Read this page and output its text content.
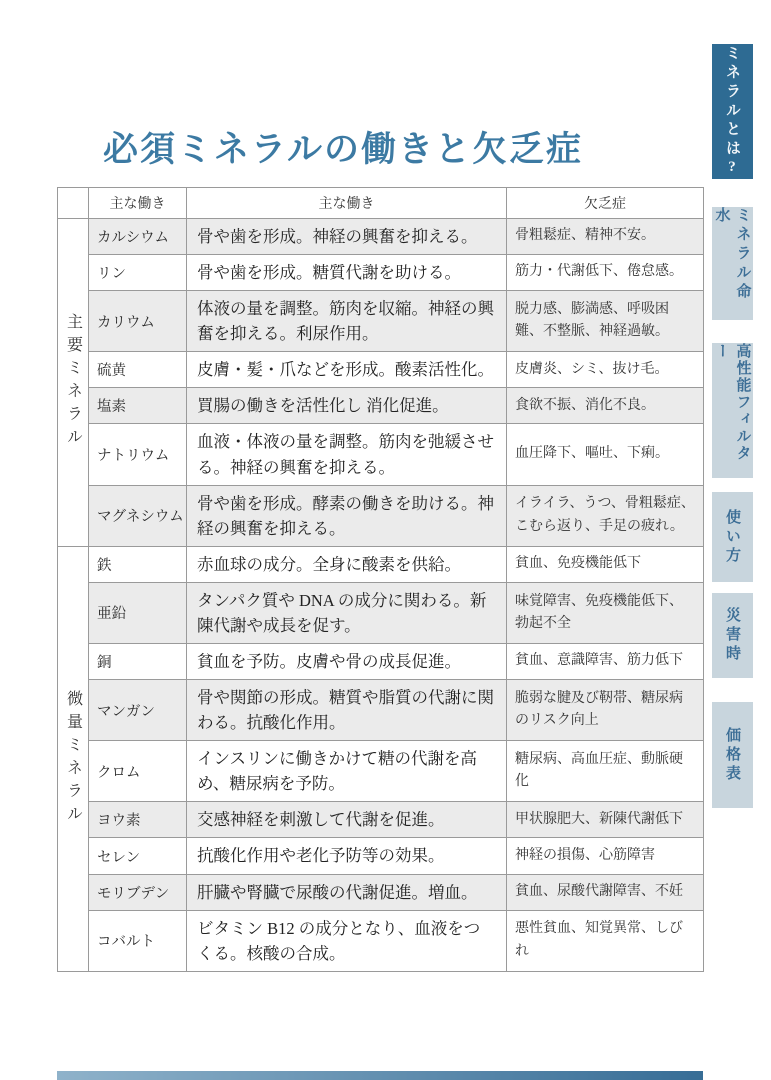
必須ミネラルの働きと欠乏症
	主な働き	主な働き	欠乏症
主要ミネラル	カルシウム	骨や歯を形成。神経の興奮を抑える。	骨粗鬆症、精神不安。
	リン	骨や歯を形成。糖質代謝を助ける。	筋力・代謝低下、倦怠感。
	カリウム	体液の量を調整。筋肉を収縮。神経の興奮を抑える。利尿作用。	脱力感、膨満感、呼吸困難、不整脈、神経過敏。
	硫黄	皮膚・髪・爪などを形成。酸素活性化。	皮膚炎、シミ、抜け毛。
	塩素	買腸の働きを活性化し 消化促進。	食欲不振、消化不良。
	ナトリウム	血液・体液の量を調整。筋肉を弛緩させる。神経の興奮を抑える。	血圧降下、嘔吐、下痢。
	マグネシウム	骨や歯を形成。酵素の働きを助ける。神経の興奮を抑える。	イライラ、うつ、骨粗鬆症、こむら返り、手足の疲れ。
微量ミネラル	鉄	赤血球の成分。全身に酸素を供給。	貧血、免疫機能低下
	亜鉛	タンパク質や DNA の成分に関わる。新陳代謝や成長を促す。	味覚障害、免疫機能低下、勃起不全
	銅	貧血を予防。皮膚や骨の成長促進。	貧血、意識障害、筋力低下
	マンガン	骨や関節の形成。糖質や脂質の代謝に関わる。抗酸化作用。	脆弱な腱及び靭帯、糖尿病のリスク向上
	クロム	インスリンに働きかけて糖の代謝を高め、糖尿病を予防。	糖尿病、高血圧症、動脈硬化
	ヨウ素	交感神経を刺激して代謝を促進。	甲状腺肥大、新陳代謝低下
	セレン	抗酸化作用や老化予防等の効果。	神経の損傷、心筋障害
	モリブデン	肝臓や腎臓で尿酸の代謝促進。増血。	貧血、尿酸代謝障害、不妊
	コバルト	ビタミン B12 の成分となり、血液をつくる。核酸の合成。	悪性貧血、知覚異常、しびれ
ミネラルとは?
ミネラル命水
高性能フィルター
使い方
災害時
価格表
